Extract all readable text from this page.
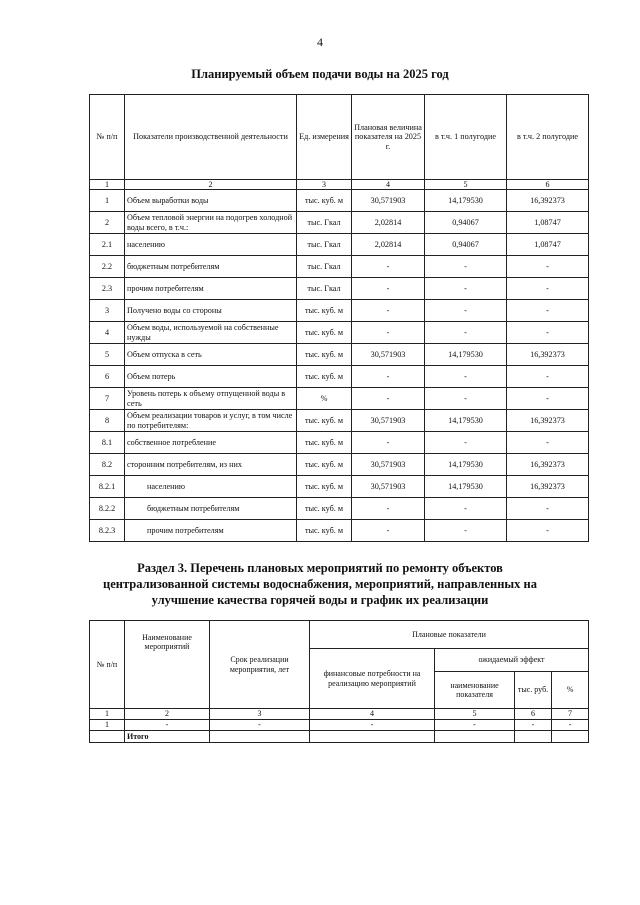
4
Планируемый объем подачи воды на 2025 год
№ п/п	Показатели производственной деятельности	Ед. измерения	Плановая величина показателя на 2025 г.	в т.ч. 1 полугодие	в т.ч. 2 полугодие
1	2	3	4	5	6
1	Объем выработки воды	тыс. куб. м	30,571903	14,179530	16,392373
2	Объем тепловой энергии на подогрев холодной воды всего, в т.ч.:	тыс. Гкал	2,02814	0,94067	1,08747
2.1	населению	тыс. Гкал	2,02814	0,94067	1,08747
2.2	бюджетным потребителям	тыс. Гкал	-	-	-
2.3	прочим потребителям	тыс. Гкал	-	-	-
3	Получено воды со стороны	тыс. куб. м	-	-	-
4	Объем воды, используемой на собственные нужды	тыс. куб. м	-	-	-
5	Объем отпуска в сеть	тыс. куб. м	30,571903	14,179530	16,392373
6	Объем потерь	тыс. куб. м	-	-	-
7	Уровень потерь к объему отпущенной воды в сеть	%	-	-	-
8	Объем реализации товаров и услуг, в том числе по потребителям:	тыс. куб. м	30,571903	14,179530	16,392373
8.1	собственное потребление	тыс. куб. м	-	-	-
8.2	сторонним потребителям, из них	тыс. куб. м	30,571903	14,179530	16,392373
8.2.1	населению	тыс. куб. м	30,571903	14,179530	16,392373
8.2.2	бюджетным потребителям	тыс. куб. м	-	-	-
8.2.3	прочим потребителям	тыс. куб. м	-	-	-
Раздел 3. Перечень плановых мероприятий по ремонту объектов
централизованной системы водоснабжения, мероприятий, направленных на
улучшение качества горячей воды и график их реализации
№ п/п	Наименование мероприятий	Срок реализации мероприятия, лет	Плановые показатели			
			финансовые потребности на реализацию мероприятий	ожидаемый эффект		
				наименование показателя	тыс. руб.	%
1	2	3	4	5	6	7
1	-	-	-	-	-	-
	Итого					
